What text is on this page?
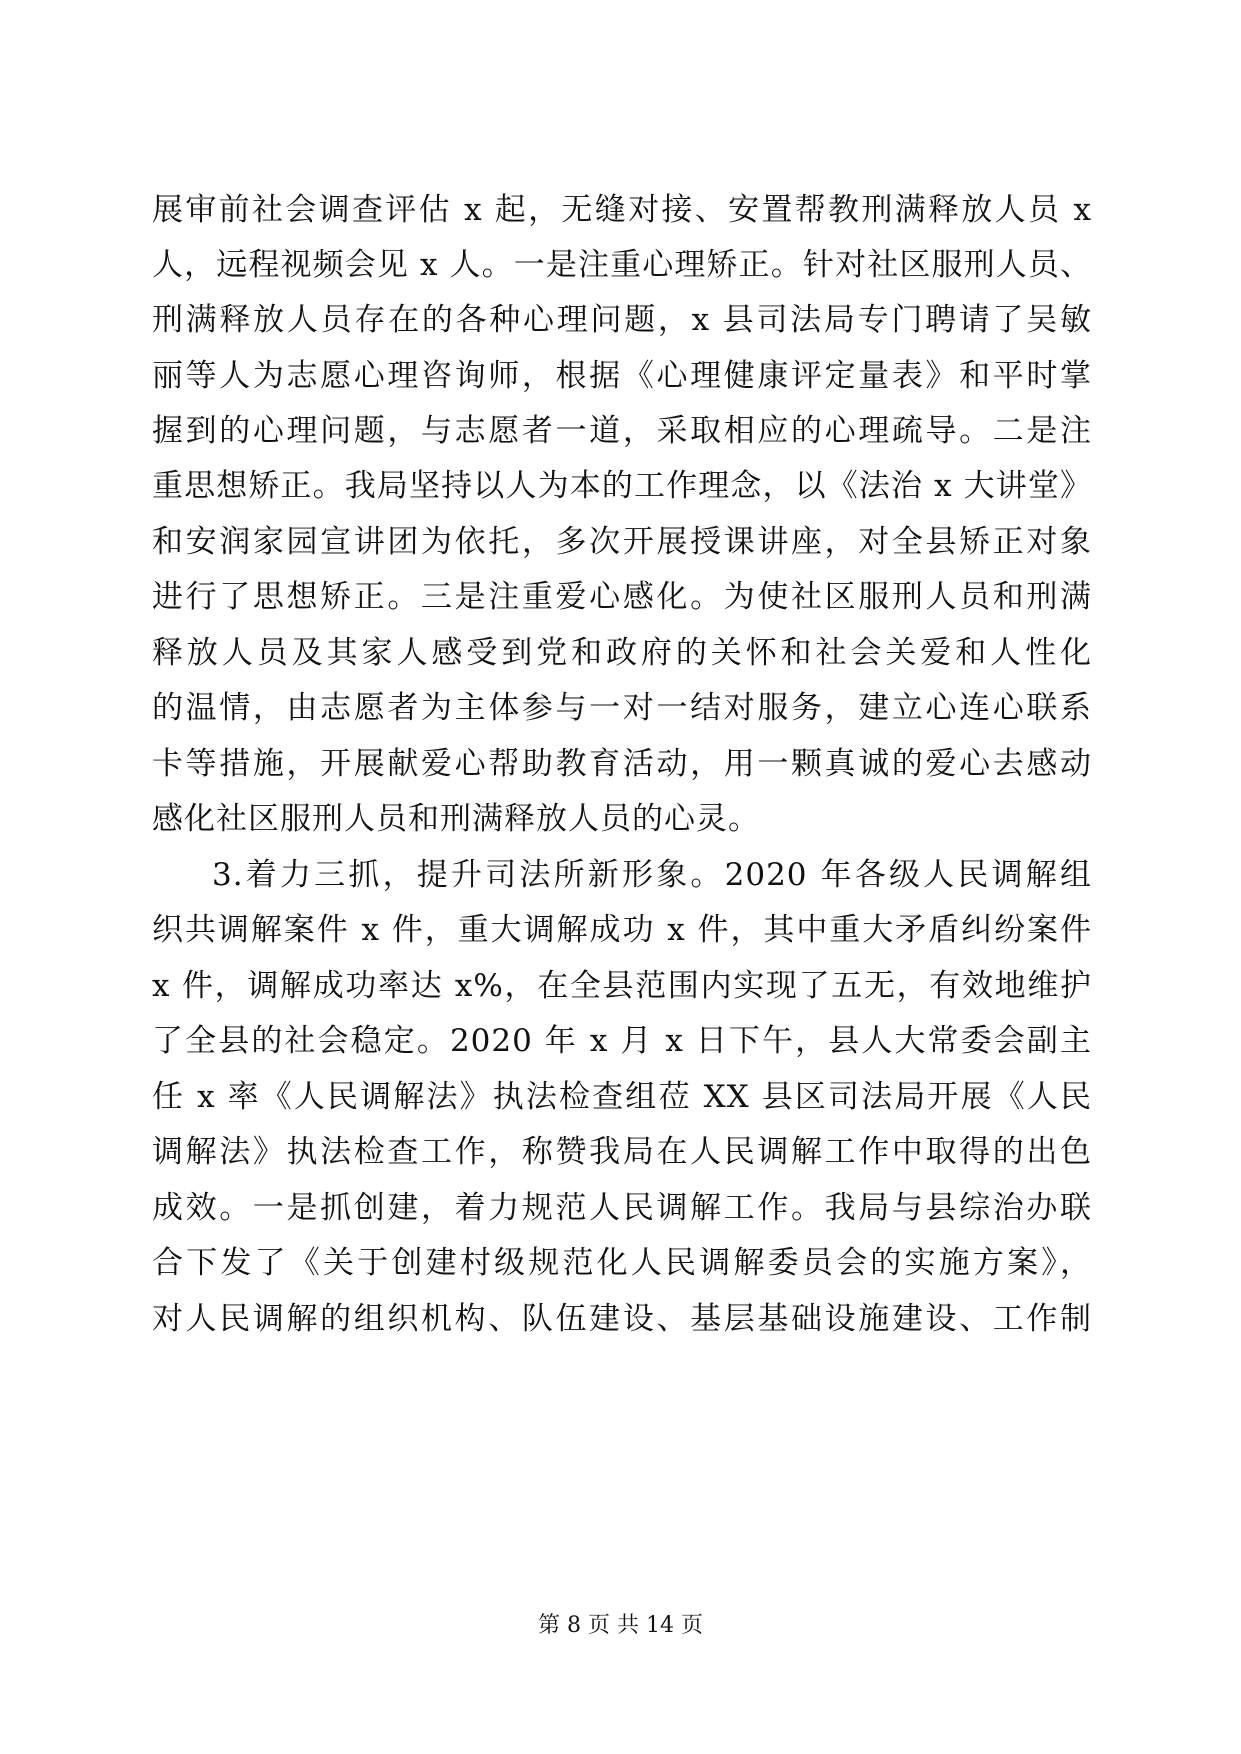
展审前社会调查评估 x 起，无缝对接、安置帮教刑满释放人员 x
人，远程视频会见 x 人。一是注重心理矫正。针对社区服刑人员、
刑满释放人员存在的各种心理问题，x 县司法局专门聘请了吴敏
丽等人为志愿心理咨询师，根据《心理健康评定量表》和平时掌
握到的心理问题，与志愿者一道，采取相应的心理疏导。二是注
重思想矫正。我局坚持以人为本的工作理念，以《法治 x 大讲堂》
和安润家园宣讲团为依托，多次开展授课讲座，对全县矫正对象
进行了思想矫正。三是注重爱心感化。为使社区服刑人员和刑满
释放人员及其家人感受到党和政府的关怀和社会关爱和人性化
的温情，由志愿者为主体参与一对一结对服务，建立心连心联系
卡等措施，开展献爱心帮助教育活动，用一颗真诚的爱心去感动
感化社区服刑人员和刑满释放人员的心灵。
3.着力三抓，提升司法所新形象。2020 年各级人民调解组
织共调解案件 x 件，重大调解成功 x 件，其中重大矛盾纠纷案件
x 件，调解成功率达 x%，在全县范围内实现了五无，有效地维护
了全县的社会稳定。2020 年 x 月 x 日下午，县人大常委会副主
任 x 率《人民调解法》执法检查组莅 XX 县区司法局开展《人民
调解法》执法检查工作，称赞我局在人民调解工作中取得的出色
成效。一是抓创建，着力规范人民调解工作。我局与县综治办联
合下发了《关于创建村级规范化人民调解委员会的实施方案》，
对人民调解的组织机构、队伍建设、基层基础设施建设、工作制
第 8 页 共 14 页
